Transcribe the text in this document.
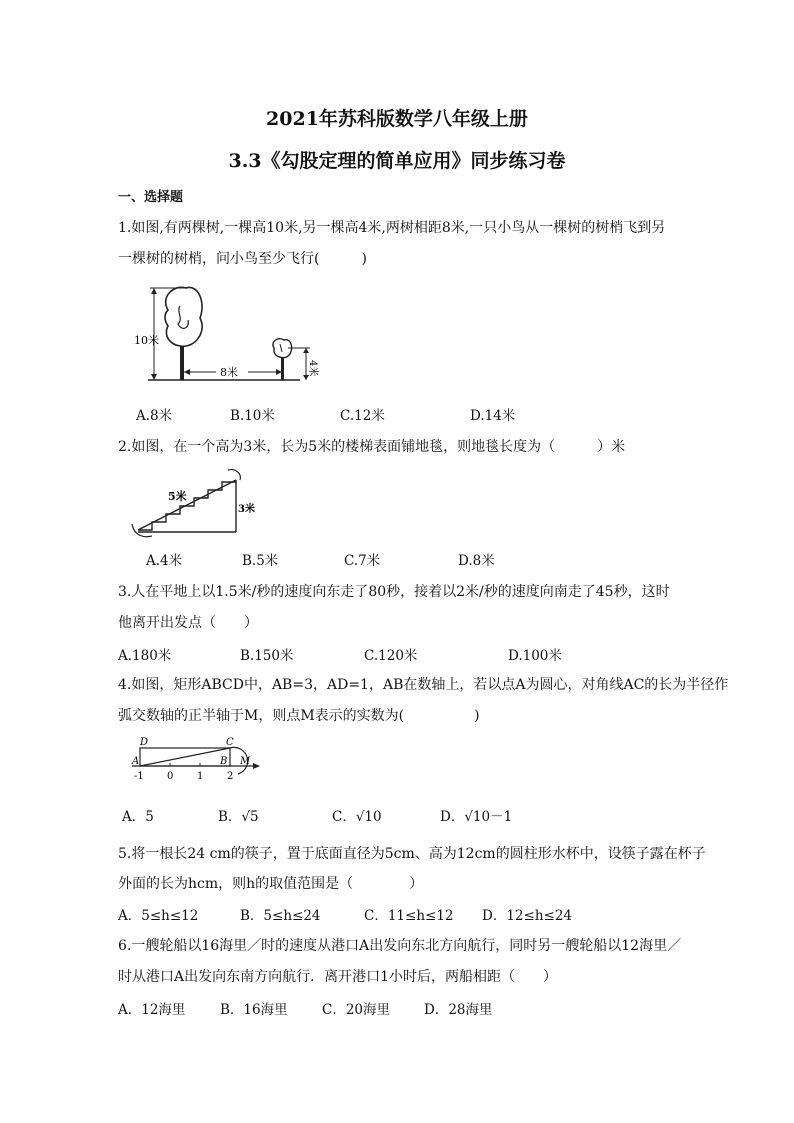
2021年苏科版数学八年级上册
3.3《勾股定理的简单应用》同步练习卷
一、选择题
1.如图,有两棵树,一棵高10米,另一棵高4米,两树相距8米,一只小鸟从一棵树的树梢飞到另
一棵树的树梢，问小鸟至少飞行(　　　)
10米
4米
8米
A.8米	B.10米	C.12米	D.14米
2.如图，在一个高为3米，长为5米的楼梯表面铺地毯，则地毯长度为（　　　）米
5米
3米
A.4米	B.5米	C.7米	D.8米
3.人在平地上以1.5米/秒的速度向东走了80秒，接着以2米/秒的速度向南走了45秒，这时
他离开出发点（　　）
A.180米	B.150米	C.120米	D.100米
4.如图，矩形ABCD中，AB=3，AD=1，AB在数轴上，若以点A为圆心，对角线AC的长为半径作
弧交数轴的正半轴于M，则点M表示的实数为(　　　　　)
D	C
A	B M
-1 0 1 2
A．5	B．√5	C．√10	D．√10－1
5.将一根长24 cm的筷子，置于底面直径为5cm、高为12cm的圆柱形水杯中，设筷子露在杯子
外面的长为hcm，则h的取值范围是（　　　　）
A．5≤h≤12	B．5≤h≤24	C．11≤h≤12 D．12≤h≤24
6.一艘轮船以16海里／时的速度从港口A出发向东北方向航行，同时另一艘轮船以12海里／
时从港口A出发向东南方向航行．离开港口1小时后，两船相距（　　）
A．12海里	B．16海里	C．20海里	D．28海里
